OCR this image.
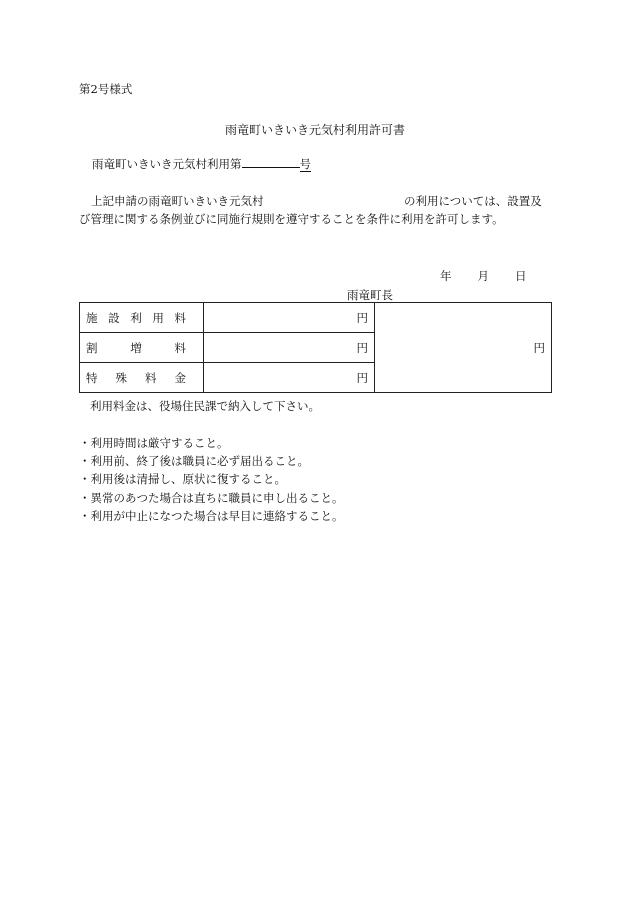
第2号様式
雨竜町いきいき元気村利用許可書
雨竜町いきいき元気村利用第	号
上記申請の雨竜町いきいき元気村	の利用については、設置及
び管理に関する条例並びに同施行規則を遵守することを条件に利用を許可します。
年 月 日
雨竜町長
施 設 利 用 料	円	円

割 増 料	円	

特 殊 料 金	円	
利用料金は、役場住民課で納入して下さい。
・利用時間は厳守すること。
・利用前、終了後は職員に必ず届出ること。
・利用後は清掃し、原状に復すること。
・異常のあつた場合は直ちに職員に申し出ること。
・利用が中止になつた場合は早目に連絡すること。
